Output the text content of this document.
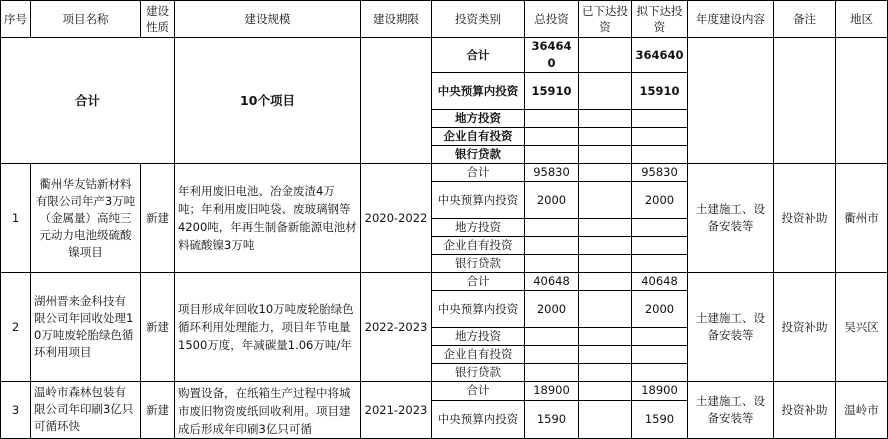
序号	项目名称	建设性质	建设规模	建设期限	投资类别	总投资	已下达投资	拟下达投资	年度建设内容	备注	地区
合计			10个项目		合计	364640		364640			
					中央预算内投资	15910		15910			
					地方投资						
					企业自有投资						
					银行贷款						
1	衢州华友钴新材料有限公司年产3万吨（金属量）高纯三元动力电池级硫酸镍项目	新建	年利用废旧电池、冶金废渣4万吨；年利用废旧吨袋、废玻璃钢等4200吨，年再生制备新能源电池材料硫酸镍3万吨	2020-2022	合计	95830		95830	土建施工、设备安装等	投资补助	衢州市
					中央预算内投资	2000		2000			
					地方投资						
					企业自有投资						
					银行贷款						
2	湖州晋来金科技有限公司年回收处理10万吨废轮胎绿色循环利用项目	新建	项目形成年回收10万吨废轮胎绿色循环利用处理能力，项目年节电量1500万度，年减碳量1.06万吨/年	2022-2023	合计	40648		40648	土建施工、设备安装等	投资补助	吴兴区
					中央预算内投资	2000		2000			
					地方投资						
					企业自有投资						
					银行贷款						
3	温岭市森林包装有限公司年印刷3亿只可循环快	新建	购置设备，在纸箱生产过程中将城市废旧物资废纸回收利用。项目建成后形成年印刷3亿只可循	2021-2023	合计	18900		18900	土建施工、设备安装等	投资补助	温岭市
					中央预算内投资	1590		1590			
